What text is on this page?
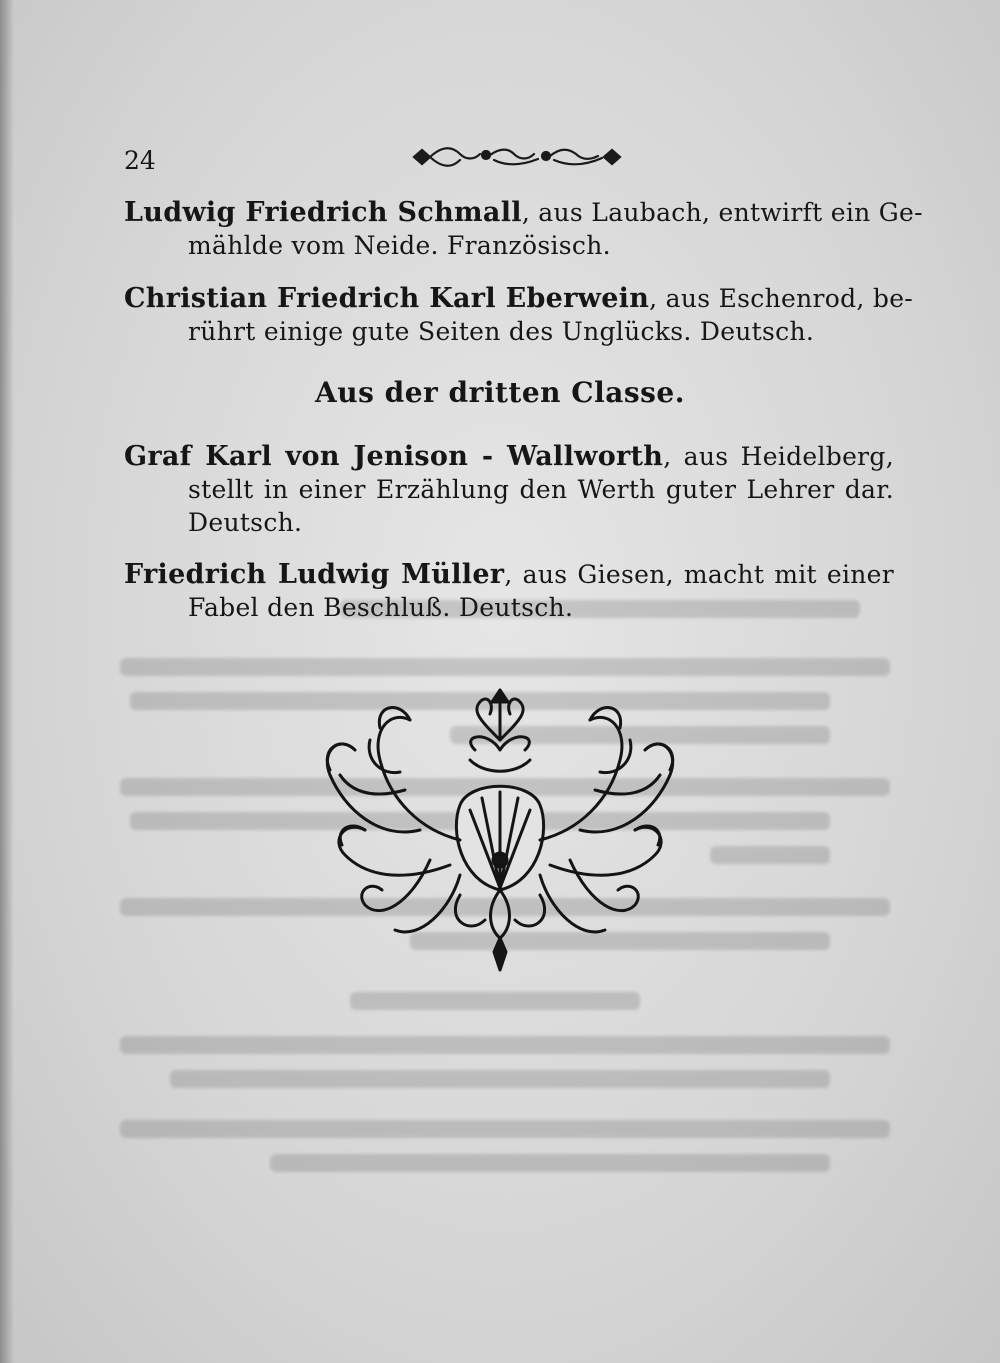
24
Ludwig Friedrich Schmall, aus Laubach, entwirft ein Ge-
mählde vom Neide. Französisch.
Christian Friedrich Karl Eberwein, aus Eschenrod, be-
rührt einige gute Seiten des Unglücks. Deutsch.
Aus der dritten Classe.
Graf Karl von Jenison - Wallworth, aus Heidelberg,
stellt in einer Erzählung den Werth guter Lehrer dar.
Deutsch.
Friedrich Ludwig Müller, aus Giesen, macht mit einer
Fabel den Beschluß. Deutsch.
